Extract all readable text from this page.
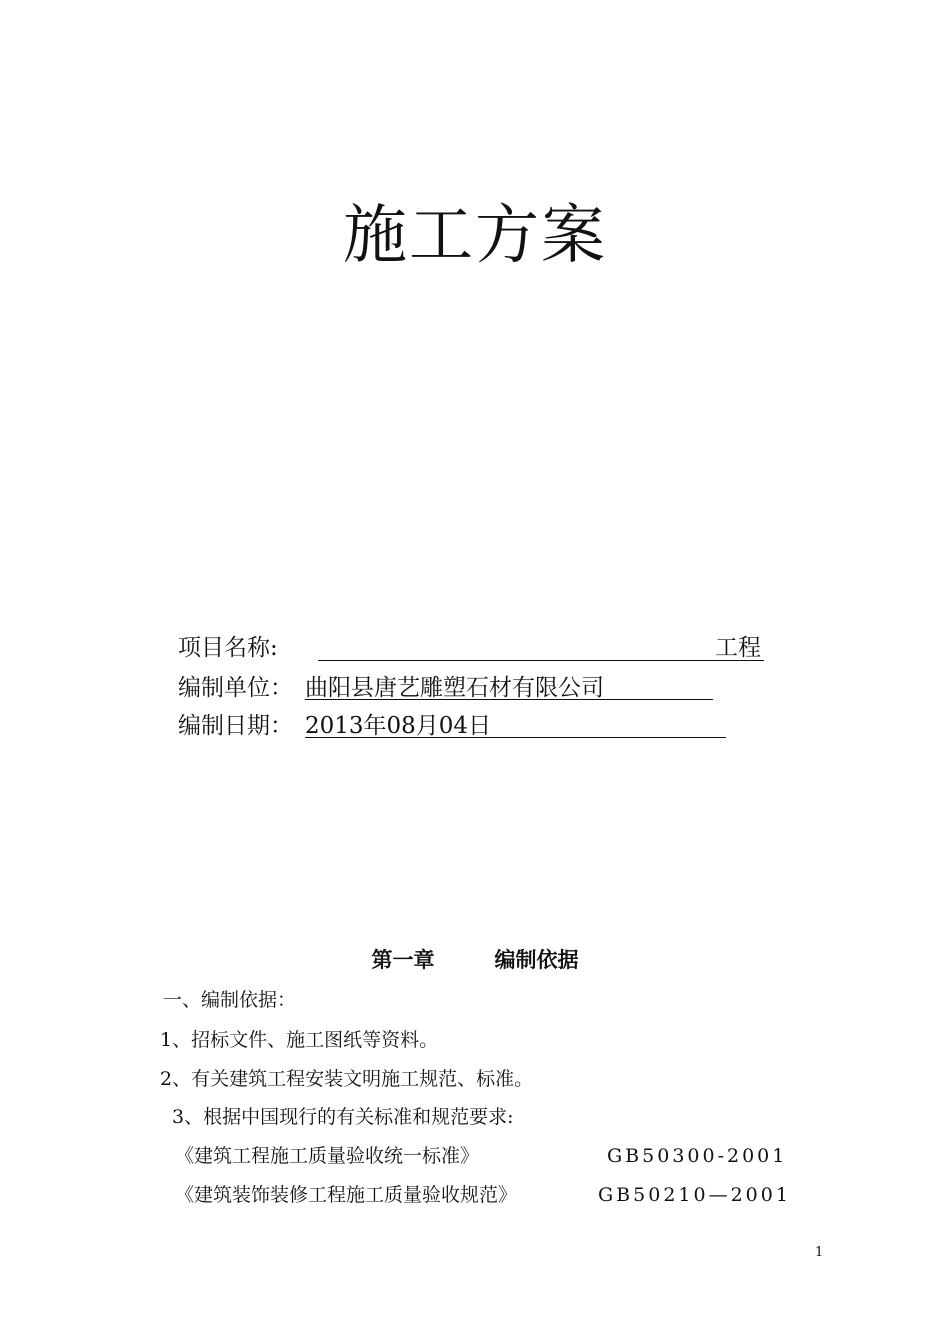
施工方案
项目名称:	工程
编制单位： 曲阳县唐艺雕塑石材有限公司
编制日期： 2013年08月04日
第一章	编制依据
一、编制依据：
1、招标文件、施工图纸等资料。
2、有关建筑工程安装文明施工规范、标准。
3、根据中国现行的有关标准和规范要求:
《建筑工程施工质量验收统一标准》	GB50300-2001
《建筑装饰装修工程施工质量验收规范》	GB50210—2001
1
